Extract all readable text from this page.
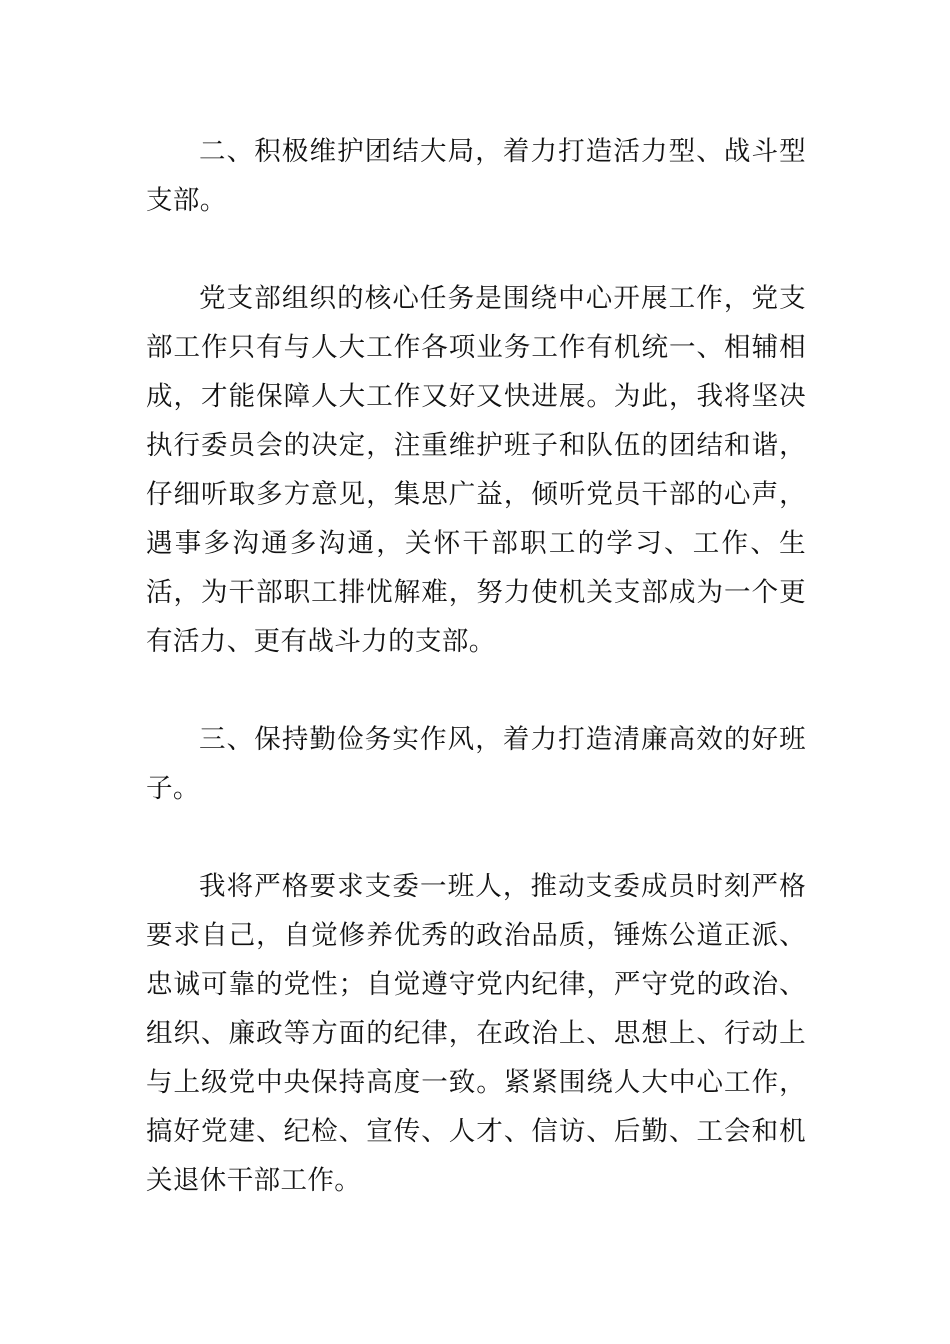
二、积极维护团结大局，着力打造活力型、战斗型支部。

党支部组织的核心任务是围绕中心开展工作，党支部工作只有与人大工作各项业务工作有机统一、相辅相成，才能保障人大工作又好又快进展。为此，我将坚决执行委员会的决定，注重维护班子和队伍的团结和谐，仔细听取多方意见，集思广益，倾听党员干部的心声，遇事多沟通多沟通，关怀干部职工的学习、工作、生活，为干部职工排忧解难，努力使机关支部成为一个更有活力、更有战斗力的支部。

三、保持勤俭务实作风，着力打造清廉高效的好班子。

我将严格要求支委一班人，推动支委成员时刻严格要求自己，自觉修养优秀的政治品质，锤炼公道正派、忠诚可靠的党性；自觉遵守党内纪律，严守党的政治、组织、廉政等方面的纪律，在政治上、思想上、行动上与上级党中央保持高度一致。紧紧围绕人大中心工作，搞好党建、纪检、宣传、人才、信访、后勤、工会和机关退休干部工作。
